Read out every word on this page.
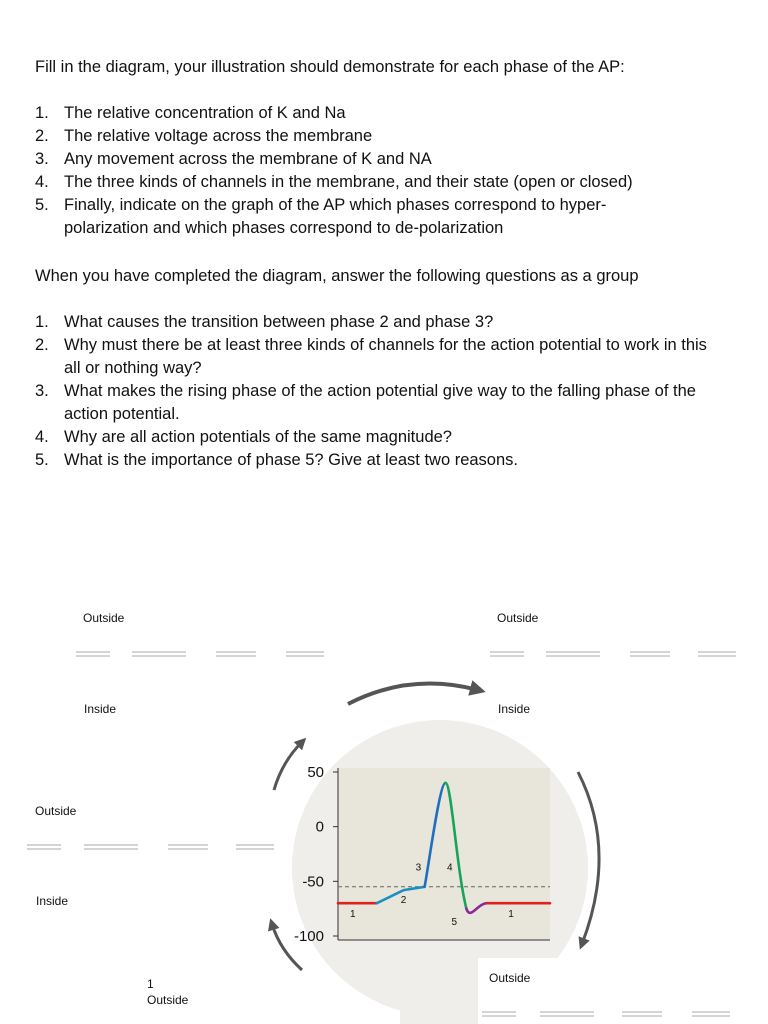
Fill in the diagram, your illustration should demonstrate for each phase of the AP:

1. The relative concentration of K and Na
2. The relative voltage across the membrane
3. Any movement across the membrane of K and NA
4. The three kinds of channels in the membrane, and their state (open or closed)
5. Finally, indicate on the graph of the AP which phases correspond to hyper-polarization and which phases correspond to de-polarization

When you have completed the diagram, answer the following questions as a group

1. What causes the transition between phase 2 and phase 3?
2. Why must there be at least three kinds of channels for the action potential to work in this all or nothing way?
3. What makes the rising phase of the action potential give way to the falling phase of the action potential.
4. Why are all action potentials of the same magnitude?
5. What is the importance of phase 5? Give at least two reasons.
50
0
-50
-100
1
2
3	4
5
1
Outside
Inside
Outside
Inside
Outside
Inside
1
Outside
Outside
